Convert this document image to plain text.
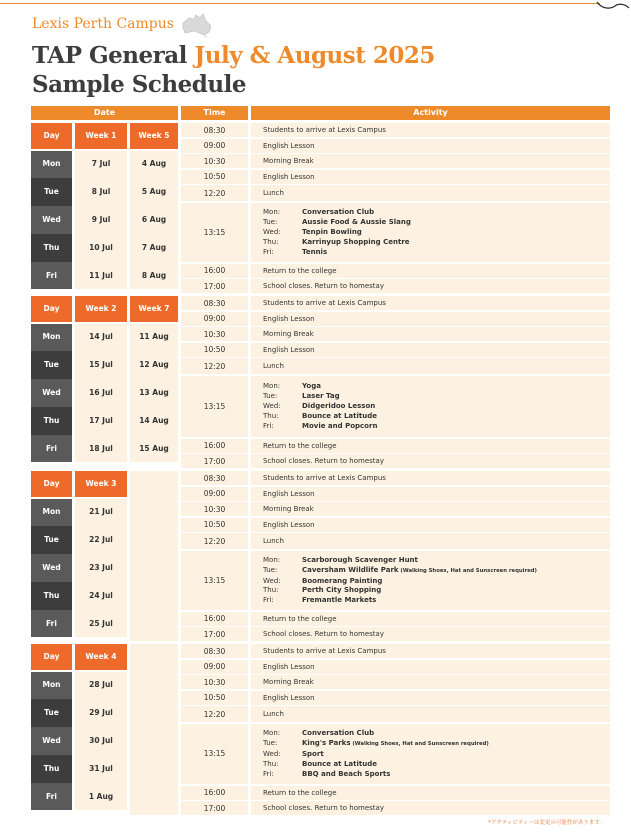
Lexis Perth Campus
TAP General July & August 2025
Sample Schedule
Date	Time	Activity
Day	Week 1	Week 5
Mon	7 Jul	4 Aug
Tue	8 Jul	5 Aug
Wed	9 Jul	6 Aug
Thu	10 Jul	7 Aug
Fri	11 Jul	8 Aug
08:30	Students to arrive at Lexis Campus
09:00	English Lesson
10:30	Morning Break
10:50	English Lesson
12:20	Lunch
13:15
Mon:	Conversation Club
Tue:	Aussie Food & Aussie Slang
Wed:	Tenpin Bowling
Thu:	Karrinyup Shopping Centre
Fri:	Tennis
16:00	Return to the college
17:00	School closes. Return to homestay
Day	Week 2	Week 7
Mon	14 Jul	11 Aug
Tue	15 Jul	12 Aug
Wed	16 Jul	13 Aug
Thu	17 Jul	14 Aug
Fri	18 Jul	15 Aug
08:30	Students to arrive at Lexis Campus
09:00	English Lesson
10:30	Morning Break
10:50	English Lesson
12:20	Lunch
13:15
Mon:	Yoga
Tue:	Laser Tag
Wed:	Didgeridoo Lesson
Thu:	Bounce at Latitude
Fri:	Movie and Popcorn
16:00	Return to the college
17:00	School closes. Return to homestay
Day	Week 3
Mon	21 Jul
Tue	22 Jul
Wed	23 Jul
Thu	24 Jul
Fri	25 Jul
08:30	Students to arrive at Lexis Campus
09:00	English Lesson
10:30	Morning Break
10:50	English Lesson
12:20	Lunch
13:15
Mon:	Scarborough Scavenger Hunt
Tue:	Caversham Wildlife Park (Walking Shoes, Hat and Sunscreen required)
Wed:	Boomerang Painting
Thu:	Perth City Shopping
Fri:	Fremantle Markets
16:00	Return to the college
17:00	School closes. Return to homestay
Day	Week 4
Mon	28 Jul
Tue	29 Jul
Wed	30 Jul
Thu	31 Jul
Fri	1 Aug
08:30	Students to arrive at Lexis Campus
09:00	English Lesson
10:30	Morning Break
10:50	English Lesson
12:20	Lunch
13:15
Mon:	Conversation Club
Tue:	King's Parks (Walking Shoes, Hat and Sunscreen required)
Wed:	Sport
Thu:	Bounce at Latitude
Fri:	BBQ and Beach Sports
16:00	Return to the college
17:00	School closes. Return to homestay
*アクティビティーは変更の可能性があります。
